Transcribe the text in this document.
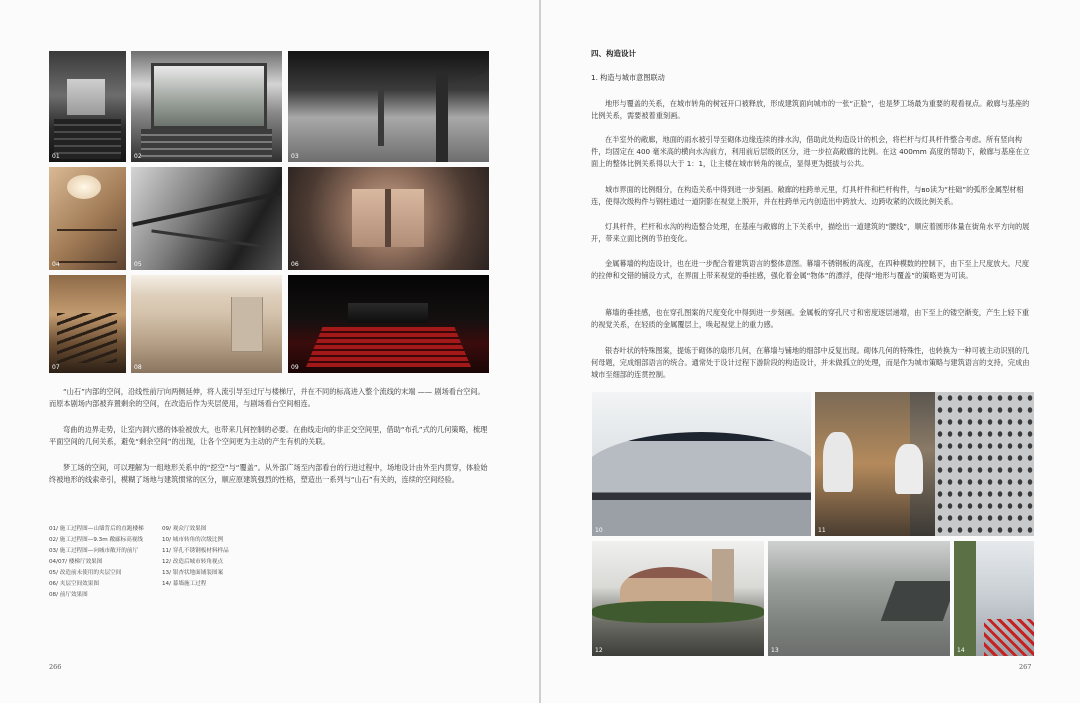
01	02	03
04	05	06
07	08	09
“山石”内部的空间，沿线性前厅向两侧延伸，将人流引导至过厅与楼梯厅，并在不同的标高进入整个流线的末端 —— 剧场看台空间。而原本剧场内部被弃置剩余的空间，在改造后作为夹层使用，与剧场看台空间相连。
弯曲的边界走势，让室内洞穴感的体验被放大，也带来几何控制的必要。在曲线走向的非正交空间里，借助“布孔”式的几何策略，梳理平面空间的几何关系，避免“剩余空间”的出现，让各个空间更为主动的产生有机的关联。
梦工场的空间，可以理解为一组地形关系中的“挖空”与“覆盖”。从外部广场至内部看台的行进过程中，场地设计由外至内贯穿，体验始终被地形的线索牵引，模糊了场地与建筑惯常的区分，顺应原建筑强烈的性格，塑造出一系列与“山石”有关的，连续的空间经验。
01/ 施工过程图—山墙背后的直跑楼梯
02/ 施工过程图—9.3m 敞廊标高视线
03/ 施工过程图—向城市敞开的前厅
04/07/ 楼梯厅效果图
05/ 改造前未使用的夹层空间
06/ 夹层空间效果图
08/ 前厅效果图
09/ 观众厅效果图
10/ 城市转角的次级比例
11/ 穿孔不锈钢板材料样品
12/ 改造后城市转角视点
13/ 银杏状地面铺装图案
14/ 幕墙施工过程
266
四、构造设计
1. 构造与城市意图联动
地形与覆盖的关系，在城市转角的树冠开口被释放，形成建筑面向城市的一张“正脸”，也是梦工场最为重要的观看视点。敞廊与基座的比例关系，需要被着重刻画。
在半室外的敞廊，地面的雨水被引导至砌体边缘连续的排水沟，借助此处构造设计的机会，将栏杆与灯具杆件整合考虑。所有竖向构件，均固定在 400 毫米高的横向水沟前方，利用前后层级的区分，进一步拉高敞廊的比例。在这 400mm 高度的帮助下，敞廊与基座在立面上的整体比例关系得以大于 1：1，让主楼在城市转角的视点，显得更为挺拔与公共。
城市界面的比例细分，在构造关系中得到进一步刻画。敞廊的柱跨单元里，灯具杆件和栏杆构件，与во读为“柱础”的弧形金属型材相连，使得次级构件与钢柱通过一道阴影在视觉上脱开，并在柱跨单元内创造出中跨放大、边跨收紧的次级比例关系。
灯具杆件，栏杆和水沟的构造整合处理，在基座与敞廊的上下关系中，描绘出一道建筑的“腰线”，顺应着圆形体量在街角水平方向的展开，带来立面比例的节拍变化。
金属幕墙的构造设计，也在进一步配合着建筑语言的整体意图。幕墙不锈钢板的高度，在四种模数的控制下，由下至上尺度放大。尺度的拉伸和交错的铺设方式，在界面上带来视觉的垂挂感，强化着金属“物体”的漂浮，使得“地形与覆盖”的策略更为可读。
幕墙的垂挂感，也在穿孔图案的尺度变化中得到进一步刻画。金属板的穿孔尺寸和密度逐层递增，由下至上的镂空渐变，产生上轻下重的视觉关系，在轻质的金属覆层上，唤起视觉上的重力感。
银杏叶状的特殊图案，提炼于砌体的扇形几何，在幕墙与铺地的细部中反复出现。砌体几何的特殊性，也转换为一种可被主动识别的几何母题，完成细部语言的统合。通常处于设计过程下游阶段的构造设计，并未做孤立的处理，而是作为城市策略与建筑语言的支持，完成由城市至细部的连贯控制。
10	11
12	13	14
267
